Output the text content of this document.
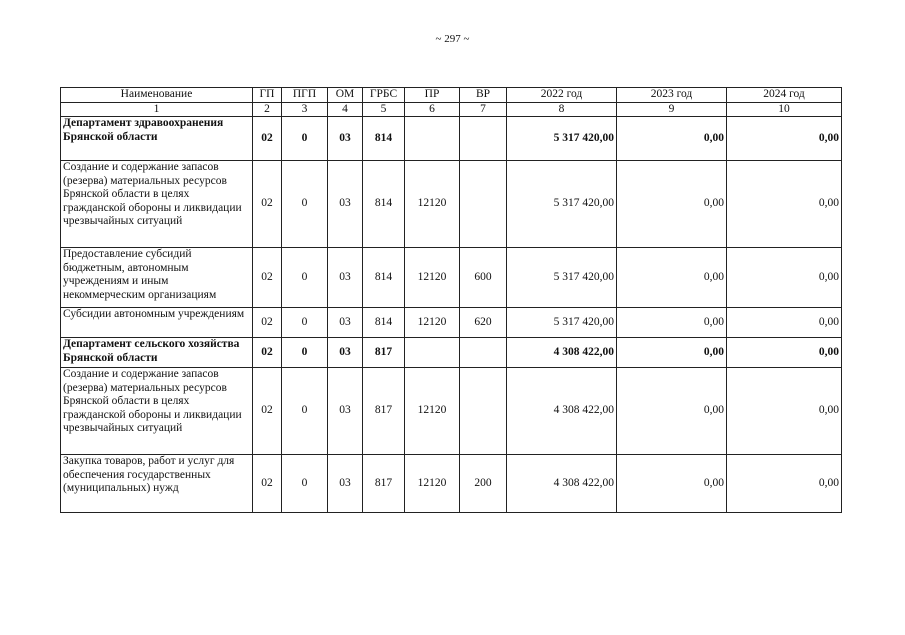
~ 297 ~
Наименование	ГП	ПГП	ОМ	ГРБС	ПР	ВР	2022 год	2023 год	2024 год
1	2	3	4	5	6	7	8	9	10
Департамент здравоохранения Брянской области	02	0	03	814			5 317 420,00	0,00	0,00
Создание и содержание запасов (резерва) материальных ресурсов Брянской области в целях гражданской обороны и ликвидации чрезвычайных ситуаций	02	0	03	814	12120		5 317 420,00	0,00	0,00
Предоставление субсидий бюджетным, автономным учреждениям и иным некоммерческим организациям	02	0	03	814	12120	600	5 317 420,00	0,00	0,00
Субсидии автономным учреждениям	02	0	03	814	12120	620	5 317 420,00	0,00	0,00
Департамент сельского хозяйства Брянской области	02	0	03	817			4 308 422,00	0,00	0,00
Создание и содержание запасов (резерва) материальных ресурсов Брянской области в целях гражданской обороны и ликвидации чрезвычайных ситуаций	02	0	03	817	12120		4 308 422,00	0,00	0,00
Закупка товаров, работ и услуг для обеспечения государственных (муниципальных) нужд	02	0	03	817	12120	200	4 308 422,00	0,00	0,00
